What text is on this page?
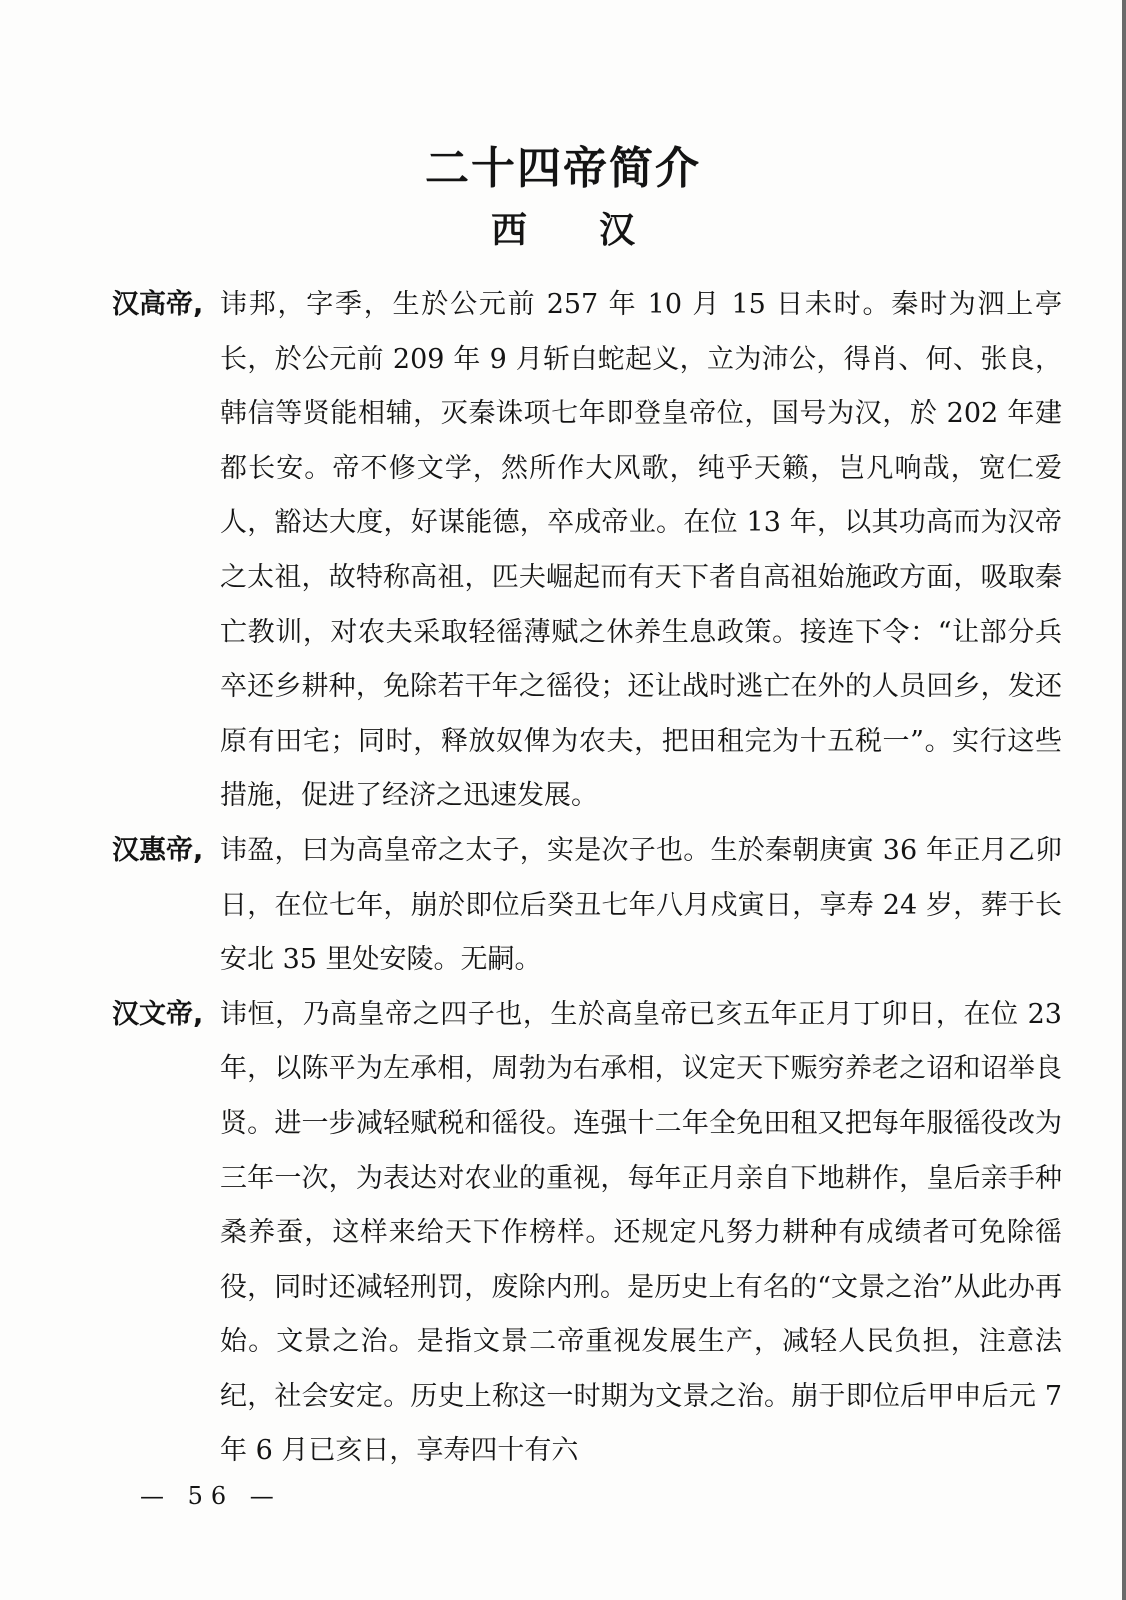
二十四帝简介
西 汉
汉高帝, 讳邦，字季，生於公元前 257 年 10 月 15 日未时。秦时为泗上亭长，於公元前 209 年 9 月斩白蛇起义，立为沛公，得肖、何、张良，韩信等贤能相辅，灭秦诛项七年即登皇帝位，国号为汉，於 202 年建都长安。帝不修文学，然所作大风歌，纯乎天籁，岂凡响哉，宽仁爱人，豁达大度，好谋能德，卒成帝业。在位 13 年，以其功高而为汉帝之太祖，故特称高祖，匹夫崛起而有天下者自高祖始施政方面，吸取秦亡教训，对农夫采取轻徭薄赋之休养生息政策。接连下令：“让部分兵卒还乡耕种，免除若干年之徭役；还让战时逃亡在外的人员回乡，发还原有田宅；同时，释放奴俾为农夫，把田租完为十五税一”。实行这些措施，促进了经济之迅速发展。
汉惠帝, 讳盈，曰为高皇帝之太子，实是次子也。生於秦朝庚寅 36 年正月乙卯日，在位七年，崩於即位后癸丑七年八月戍寅日，享寿 24 岁，葬于长安北 35 里处安陵。无嗣。
汉文帝, 讳恒，乃高皇帝之四子也，生於高皇帝已亥五年正月丁卯日，在位 23 年，以陈平为左承相，周勃为右承相，议定天下赈穷养老之诏和诏举良贤。进一步减轻赋税和徭役。连强十二年全免田租又把每年服徭役改为三年一次，为表达对农业的重视，每年正月亲自下地耕作，皇后亲手种桑养蚕，这样来给天下作榜样。还规定凡努力耕种有成绩者可免除徭役，同时还减轻刑罚，废除内刑。是历史上有名的“文景之治”从此办再始。文景之治。是指文景二帝重视发展生产，减轻人民负担，注意法纪，社会安定。历史上称这一时期为文景之治。崩于即位后甲申后元 7 年 6 月已亥日，享寿四十有六
— 56 —
